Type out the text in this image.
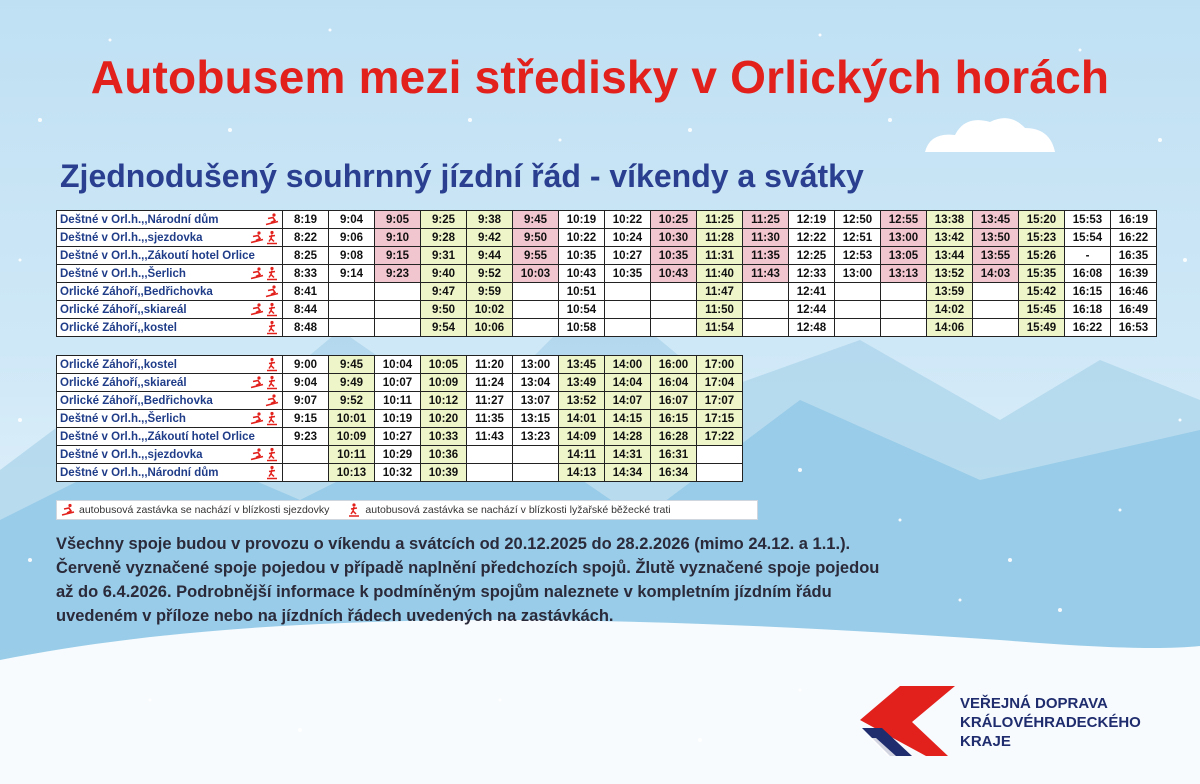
Autobusem mezi středisky v Orlických horách
Zjednodušený souhrnný jízdní řád - víkendy a svátky
Deštné v Orl.h.,,Národní dům	8:19	9:04	9:05	9:25	9:38	9:45	10:19	10:22	10:25	11:25	11:25	12:19	12:50	12:55	13:38	13:45	15:20	15:53	16:19
Deštné v Orl.h.,,sjezdovka	8:22	9:06	9:10	9:28	9:42	9:50	10:22	10:24	10:30	11:28	11:30	12:22	12:51	13:00	13:42	13:50	15:23	15:54	16:22
Deštné v Orl.h.,,Zákoutí hotel Orlice	8:25	9:08	9:15	9:31	9:44	9:55	10:35	10:27	10:35	11:31	11:35	12:25	12:53	13:05	13:44	13:55	15:26	-	16:35
Deštné v Orl.h.,,Šerlich	8:33	9:14	9:23	9:40	9:52	10:03	10:43	10:35	10:43	11:40	11:43	12:33	13:00	13:13	13:52	14:03	15:35	16:08	16:39
Orlické Záhoří,,Bedřichovka	8:41			9:47	9:59		10:51			11:47		12:41			13:59		15:42	16:15	16:46
Orlické Záhoří,,skiareál	8:44			9:50	10:02		10:54			11:50		12:44			14:02		15:45	16:18	16:49
Orlické Záhoří,,kostel	8:48			9:54	10:06		10:58			11:54		12:48			14:06		15:49	16:22	16:53
Orlické Záhoří,,kostel	9:00	9:45	10:04	10:05	11:20	13:00	13:45	14:00	16:00	17:00
Orlické Záhoří,,skiareál	9:04	9:49	10:07	10:09	11:24	13:04	13:49	14:04	16:04	17:04
Orlické Záhoří,,Bedřichovka	9:07	9:52	10:11	10:12	11:27	13:07	13:52	14:07	16:07	17:07
Deštné v Orl.h.,,Šerlich	9:15	10:01	10:19	10:20	11:35	13:15	14:01	14:15	16:15	17:15
Deštné v Orl.h.,,Zákoutí hotel Orlice	9:23	10:09	10:27	10:33	11:43	13:23	14:09	14:28	16:28	17:22
Deštné v Orl.h.,,sjezdovka		10:11	10:29	10:36			14:11	14:31	16:31	
Deštné v Orl.h.,,Národní dům		10:13	10:32	10:39			14:13	14:34	16:34	
autobusová zastávka se nachází v blízkosti sjezdovky	autobusová zastávka se nachází v blízkosti lyžařské běžecké trati
Všechny spoje budou v provozu o víkendu a svátcích od 20.12.2025 do 28.2.2026 (mimo 24.12. a 1.1.).
Červeně vyznačené spoje pojedou v případě naplnění předchozích spojů. Žlutě vyznačené spoje pojedou
až do 6.4.2026. Podrobnější informace k podmíněným spojům naleznete v kompletním jízdním řádu
uvedeném v příloze nebo na jízdních řádech uvedených na zastávkách.
VEŘEJNÁ DOPRAVA
KRÁLOVÉHRADECKÉHO
KRAJE
